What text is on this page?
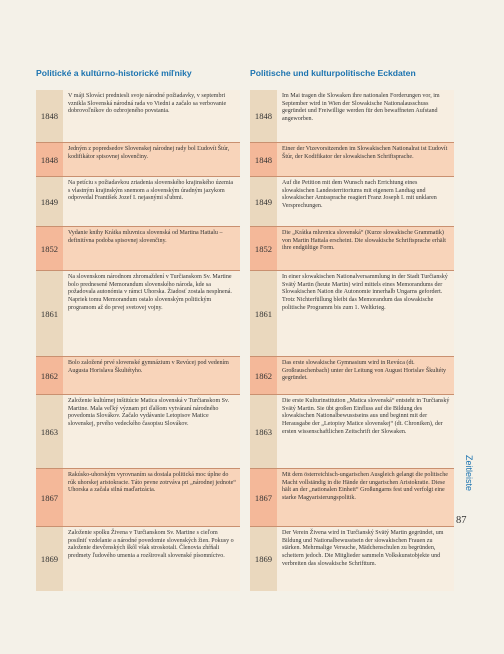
Politické a kultúrno-historické míľniky	Politische und kulturpolitische Eckdaten
1848
V máji Slováci predniesli svoje národné požiadavky, v septembri vznikla Slovenská národná rada vo Viedni a začalo sa verbovanie dobrovoľníkov do ozbrojeného povstania.
1848
Jedným z popredsedov Slovenskej národnej rady bol Ľudovít Štúr, kodifikátor spisovnej slovenčiny.
1849
Na petíciu s požiadavkou zriadenia slovenského krajinského územia s vlastným krajinským snemom a slovenským úradným jazykom odpovedal František Jozef I. nejasnými sľubmi.
1852
Vydanie knihy Krátka mluvnica slovenská od Martina Hattalu – definitívna podoba spisovnej slovenčiny.
1861
Na slovenskom národnom zhromaždení v Turčianskom Sv. Martine bolo prednesené Memorandum slovenského národa, kde sa požadovala autonómia v rámci Uhorska. Žiadosť zostala nesplnená. Napriek tomu Memorandum ostalo slovenským politickým programom až do prvej svetovej vojny.
1862
Bolo založené prvé slovenské gymnázium v Revúcej pod vedením Augusta Horislava Škultétyho.
1863
Založenie kultúrnej inštitúcie Matica slovenská v Turčianskom Sv. Martine. Mala veľký význam pri ďalšom vytváraní národného povedomia Slovákov. Začalo vydávanie Letopisov Matice slovenskej, prvého vedeckého časopisu Slovákov.
1867
Rakúsko-uhorským vyrovnaním sa dostala politická moc úplne do rúk uhorskej aristokracie. Táto pevne zotrváva pri „národnej jednote“ Uhorska a začala silná maďarizácia.
1869
Založenie spolku Živena v Turčianskom Sv. Martine s cieľom posilniť vzdelanie a národné povedomie slovenských žien. Pokusy o založenie dievčenských škôl však stroskotali. Členovia zhŕňali predmety ľudového umenia a rozširovali slovenské písomníctvo.
1848
Im Mai tragen die Slowaken ihre nationalen Forderungen vor, im September wird in Wien der Slowakische Nationalausschuss gegründet und Freiwillige werden für den bewaffneten Aufstand angeworben.
1848
Einer der Vizevorsitzenden im Slowakischen Nationalrat ist Ľudovít Štúr, der Kodifikator der slowakischen Schriftsprache.
1849
Auf die Petition mit dem Wunsch nach Errichtung eines slowakischen Landesterritoriums mit eigenem Landtag und slowakischer Amtssprache reagiert Franz Joseph I. mit unklaren Versprechungen.
1852
Die „Krátka mluvnica slovenská“ (Kurze slowakische Grammatik) von Martin Hattala erscheint. Die slowakische Schriftsprache erhält ihre endgültige Form.
1861
In einer slowakischen Nationalversammlung in der Stadt Turčianský Svätý Martin (heute Martin) wird mittels eines Memorandums der Slowakischen Nation die Autonomie innerhalb Ungarns gefordert. Trotz Nichterfüllung bleibt das Memorandum das slowakische politische Programm bis zum 1. Weltkrieg.
1862
Das erste slowakische Gymnasium wird in Revúca (dt. Großrauschenbach) unter der Leitung von August Horislav Škultéty gegründet.
1863
Die erste Kulturinstitution „Matica slovenská“ entsteht in Turčianský Svätý Martin. Sie übt großen Einfluss auf die Bildung des slowakischen Nationalbewusstseins aus und beginnt mit der Herausgabe der „Letopisy Matice slovenskej“ (dt. Chroniken), der ersten wissenschaftlichen Zeitschrift der Slowaken.
1867
Mit dem österreichisch-ungarischen Ausgleich gelangt die politische Macht vollständig in die Hände der ungarischen Aristokratie. Diese hält an der „nationalen Einheit“ Großungarns fest und verfolgt eine starke Magyarisierungspolitik.
1869
Der Verein Živena wird in Turčianský Svätý Martin gegründet, um Bildung und Nationalbewusstsein der slowakischen Frauen zu stärken. Mehrmalige Versuche, Mädchenschulen zu begründen, scheitern jedoch. Die Mitglieder sammeln Volkskunstobjekte und verbreiten das slowakische Schrifttum.
Zeitleiste
87
